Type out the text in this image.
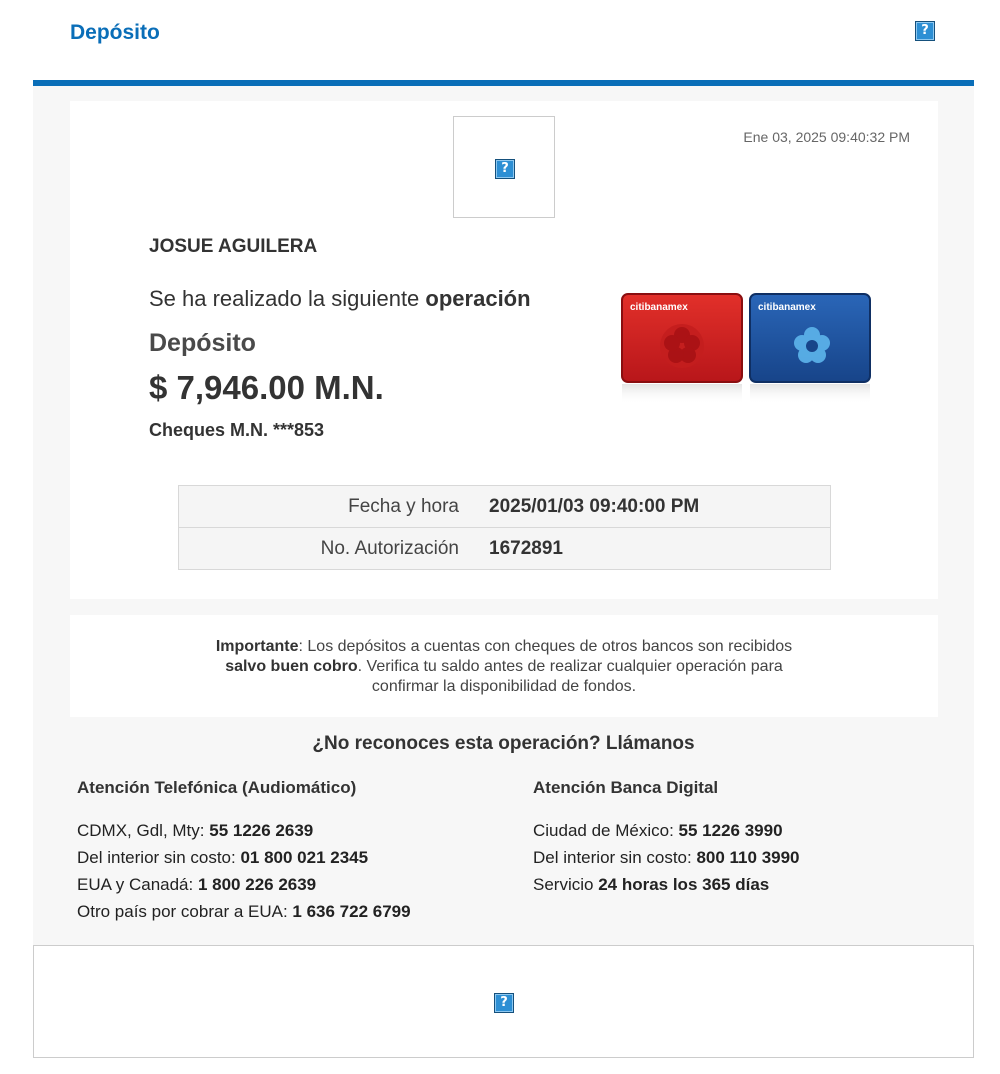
Depósito	?
?
Ene 03, 2025 09:40:32 PM
JOSUE AGUILERA
Se ha realizado la siguiente operación
Depósito
$ 7,946.00 M.N.
Cheques M.N. ***853
citibanamex	citibanamex
Fecha y hora	2025/01/03 09:40:00 PM
No. Autorización	1672891

Importante: Los depósitos a cuentas con cheques de otros bancos son recibidos
salvo buen cobro. Verifica tu saldo antes de realizar cualquier operación para
confirmar la disponibilidad de fondos.

¿No reconoces esta operación? Llámanos
Atención Telefónica (Audiomático)	Atención Banca Digital
CDMX, Gdl, Mty: 55 1226 2639
Del interior sin costo: 01 800 021 2345
EUA y Canadá: 1 800 226 2639
Otro país por cobrar a EUA: 1 636 722 6799
Ciudad de México: 55 1226 3990
Del interior sin costo: 800 110 3990
Servicio 24 horas los 365 días
?
